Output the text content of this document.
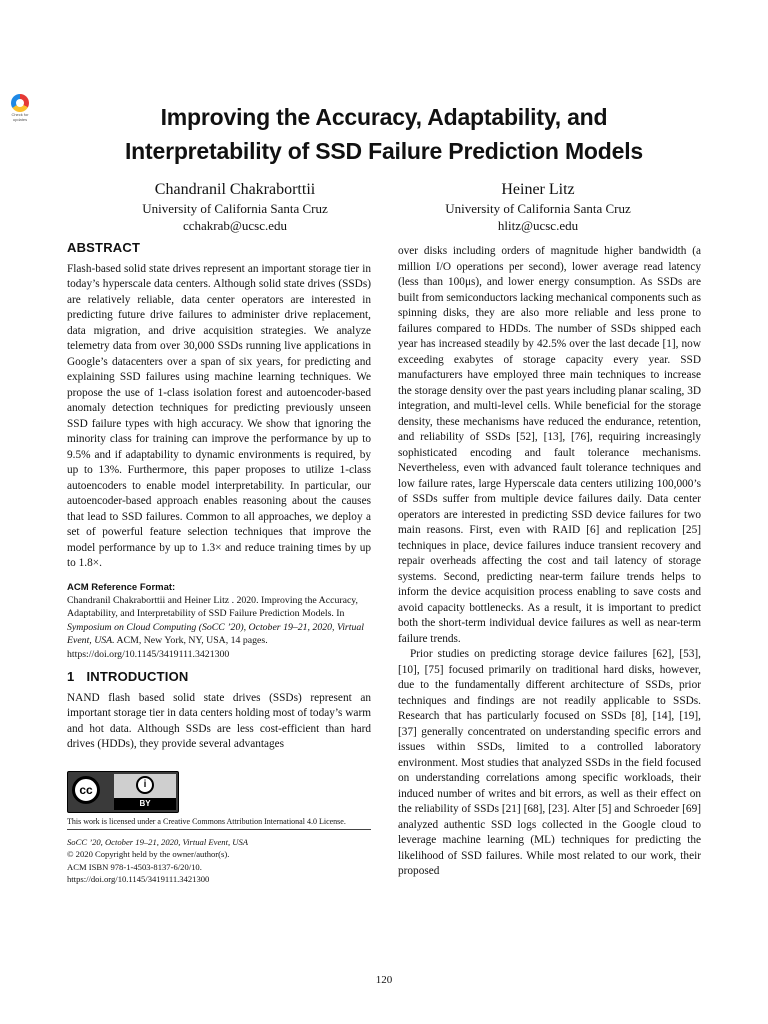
Check for updates	Improving the Accuracy, Adaptability, and
Interpretability of SSD Failure Prediction Models
Chandranil Chakraborttii
University of California Santa Cruz
cchakrab@ucsc.edu
Heiner Litz
University of California Santa Cruz
hlitz@ucsc.edu
ABSTRACT

Flash-based solid state drives represent an important storage tier in today’s hyperscale data centers. Although solid state drives (SSDs) are relatively reliable, data center operators are interested in predicting future drive failures to administer drive replacement, data migration, and drive acquisition strategies. We analyze telemetry data from over 30,000 SSDs running live applications in Google’s datacenters over a span of six years, for predicting and explaining SSD failures using machine learning techniques. We propose the use of 1-class isolation forest and autoencoder-based anomaly detection techniques for predicting previously unseen SSD failure types with high accuracy. We show that ignoring the minority class for training can improve the performance by up to 9.5% and if adaptability to dynamic environments is required, by up to 13%. Furthermore, this paper proposes to utilize 1-class autoencoders to enable model interpretability. In particular, our autoencoder-based approach enables reasoning about the causes that lead to SSD failures. Common to all approaches, we deploy a set of powerful feature selection techniques that improve the model performance by up to 1.3× and reduce training times by up to 1.8×.

ACM Reference Format:
Chandranil Chakraborttii and Heiner Litz . 2020. Improving the Accuracy, Adaptability, and Interpretability of SSD Failure Prediction Models. In Symposium on Cloud Computing (SoCC ’20), October 19–21, 2020, Virtual Event, USA. ACM, New York, NY, USA, 14 pages. https://doi.org/10.1145/3419111.3421300
1 INTRODUCTION

NAND flash based solid state drives (SSDs) represent an important storage tier in data centers holding most of today’s warm and hot data. Although SSDs are less cost-efficient than hard drives (HDDs), they provide several advantages

cc	i
BY
This work is licensed under a Creative Commons Attribution International 4.0 License.
SoCC ’20, October 19–21, 2020, Virtual Event, USA
© 2020 Copyright held by the owner/author(s).
ACM ISBN 978-1-4503-8137-6/20/10.
https://doi.org/10.1145/3419111.3421300

over disks including orders of magnitude higher bandwidth (a million I/O operations per second), lower average read latency (less than 100μs), and lower energy consumption. As SSDs are built from semiconductors lacking mechanical components such as spinning disks, they are also more reliable and less prone to failures compared to HDDs. The number of SSDs shipped each year has increased steadily by 42.5% over the last decade [1], now exceeding exabytes of storage capacity every year. SSD manufacturers have employed three main techniques to increase the storage density over the past years including planar scaling, 3D integration, and multi-level cells. While beneficial for the storage density, these mechanisms have reduced the endurance, retention, and reliability of SSDs [52], [13], [76], requiring increasingly sophisticated encoding and fault tolerance mechanisms. Nevertheless, even with advanced fault tolerance techniques and low failure rates, large Hyperscale data centers utilizing 100,000’s of SSDs suffer from multiple device failures daily. Data center operators are interested in predicting SSD device failures for two main reasons. First, even with RAID [6] and replication [25] techniques in place, device failures induce transient recovery and repair overheads affecting the cost and tail latency of storage systems. Second, predicting near-term failure trends helps to inform the device acquisition process enabling to save costs and avoid capacity bottlenecks. As a result, it is important to predict both the short-term individual device failures as well as near-term failure trends.

Prior studies on predicting storage device failures [62], [53], [10], [75] focused primarily on traditional hard disks, however, due to the fundamentally different architecture of SSDs, prior techniques and findings are not readily applicable to SSDs. Research that has particularly focused on SSDs [8], [14], [19], [37] generally concentrated on understanding specific errors and issues within SSDs, limited to a controlled laboratory environment. Most studies that analyzed SSDs in the field focused on understanding correlations among specific workloads, their induced number of writes and bit errors, as well as their effect on the reliability of SSDs [21] [68], [23]. Alter [5] and Schroeder [69] analyzed authentic SSD logs collected in the Google cloud to leverage machine learning (ML) techniques for predicting the likelihood of SSD failures. While most related to our work, their proposed

120
